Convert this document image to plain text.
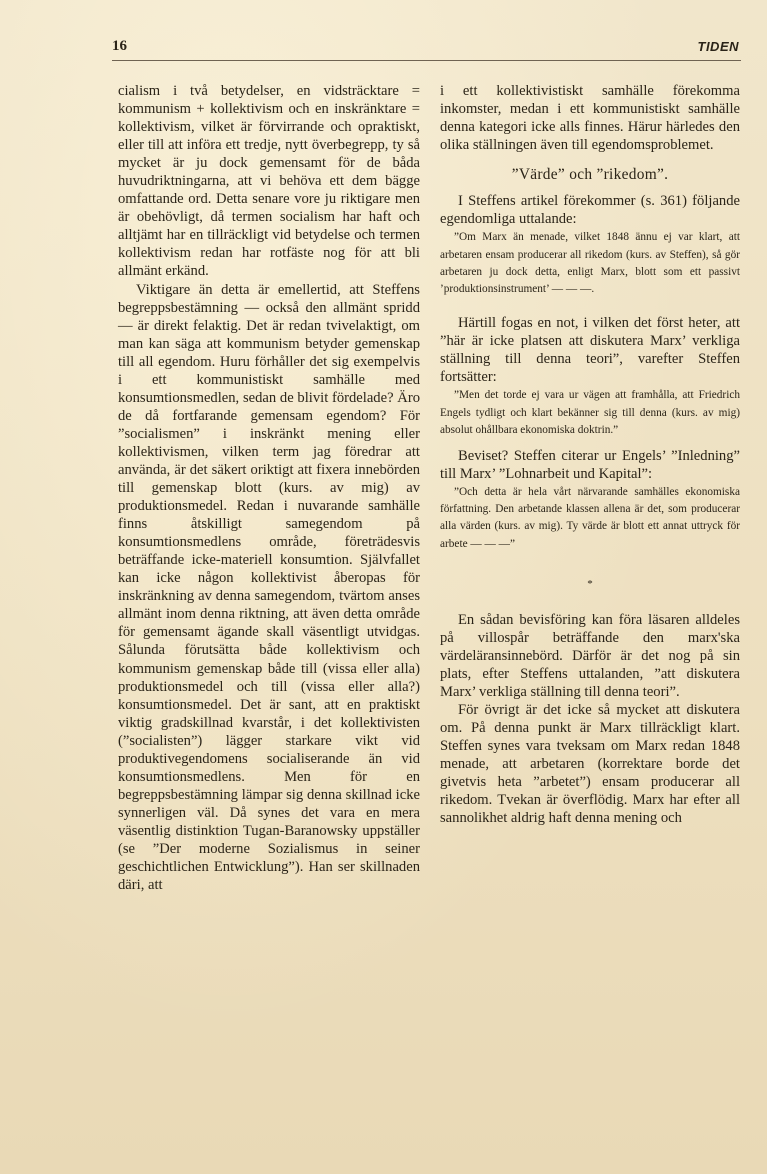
16	TIDEN

cialism i två betydelser, en vidsträcktare = kommunism + kollektivism och en inskränktare = kollektivism, vilket är förvirrande och opraktiskt, eller till att införa ett tredje, nytt överbegrepp, ty så mycket är ju dock gemensamt för de båda huvudriktningarna, att vi behöva ett dem bägge omfattande ord. Detta senare vore ju riktigare men är obehövligt, då termen socialism har haft och alltjämt har en tillräckligt vid betydelse och termen kollektivism redan har rotfäste nog för att bli allmänt erkänd.

Viktigare än detta är emellertid, att Steffens begreppsbestämning — också den allmänt spridd — är direkt felaktig. Det är redan tvivelaktigt, om man kan säga att kommunism betyder gemenskap till all egendom. Huru förhåller det sig exempelvis i ett kommunistiskt samhälle med konsumtionsmedlen, sedan de blivit fördelade? Äro de då fortfarande gemensam egendom? För ”socialismen” i inskränkt mening eller kollektivismen, vilken term jag föredrar att använda, är det säkert oriktigt att fixera innebörden till gemenskap blott (kurs. av mig) av produktionsmedel. Redan i nuvarande samhälle finns åtskilligt samegendom på konsumtionsmedlens område, företrädesvis beträffande icke-materiell konsumtion. Självfallet kan icke någon kollektivist åberopas för inskränkning av denna samegendom, tvärtom anses allmänt inom denna riktning, att även detta område för gemensamt ägande skall väsentligt utvidgas. Sålunda förutsätta både kollektivism och kommunism gemenskap både till (vissa eller alla) produktionsmedel och till (vissa eller alla?) konsumtionsmedel. Det är sant, att en praktiskt viktig gradskillnad kvarstår, i det kollektivisten (”socialisten”) lägger starkare vikt vid produktivegendomens socialiserande än vid konsumtionsmedlens. Men för en begreppsbestämning lämpar sig denna skillnad icke synnerligen väl. Då synes det vara en mera väsentlig distinktion Tugan-Baranowsky uppställer (se ”Der moderne Sozialismus in seiner geschichtlichen Entwicklung”). Han ser skillnaden däri, att

i ett kollektivistiskt samhälle förekomma inkomster, medan i ett kommunistiskt samhälle denna kategori icke alls finnes. Härur härledes den olika ställningen även till egendomsproblemet.

”Värde” och ”rikedom”.

I Steffens artikel förekommer (s. 361) följande egendomliga uttalande:

”Om Marx än menade, vilket 1848 ännu ej var klart, att arbetaren ensam producerar all rikedom (kurs. av Steffen), så gör arbetaren ju dock detta, enligt Marx, blott som ett passivt ’produktionsinstrument’ — — —.

Härtill fogas en not, i vilken det först heter, att ”här är icke platsen att diskutera Marx’ verkliga ställning till denna teori”, varefter Steffen fortsätter:

”Men det torde ej vara ur vägen att framhålla, att Friedrich Engels tydligt och klart bekänner sig till denna (kurs. av mig) absolut ohållbara ekonomiska doktrin.”

Beviset? Steffen citerar ur Engels’ ”Inledning” till Marx’ ”Lohnarbeit und Kapital”:

”Och detta är hela vårt närvarande samhälles ekonomiska författning. Den arbetande klassen allena är det, som producerar alla värden (kurs. av mig). Ty värde är blott ett annat uttryck för arbete — — —”

*

En sådan bevisföring kan föra läsaren alldeles på villospår beträffande den marx'ska värdeläransinnebörd. Därför är det nog på sin plats, efter Steffens uttalanden, ”att diskutera Marx’ verkliga ställning till denna teori”.

För övrigt är det icke så mycket att diskutera om. På denna punkt är Marx tillräckligt klart. Steffen synes vara tveksam om Marx redan 1848 menade, att arbetaren (korrektare borde det givetvis heta ”arbetet”) ensam producerar all rikedom. Tvekan är överflödig. Marx har efter all sannolikhet aldrig haft denna mening och
